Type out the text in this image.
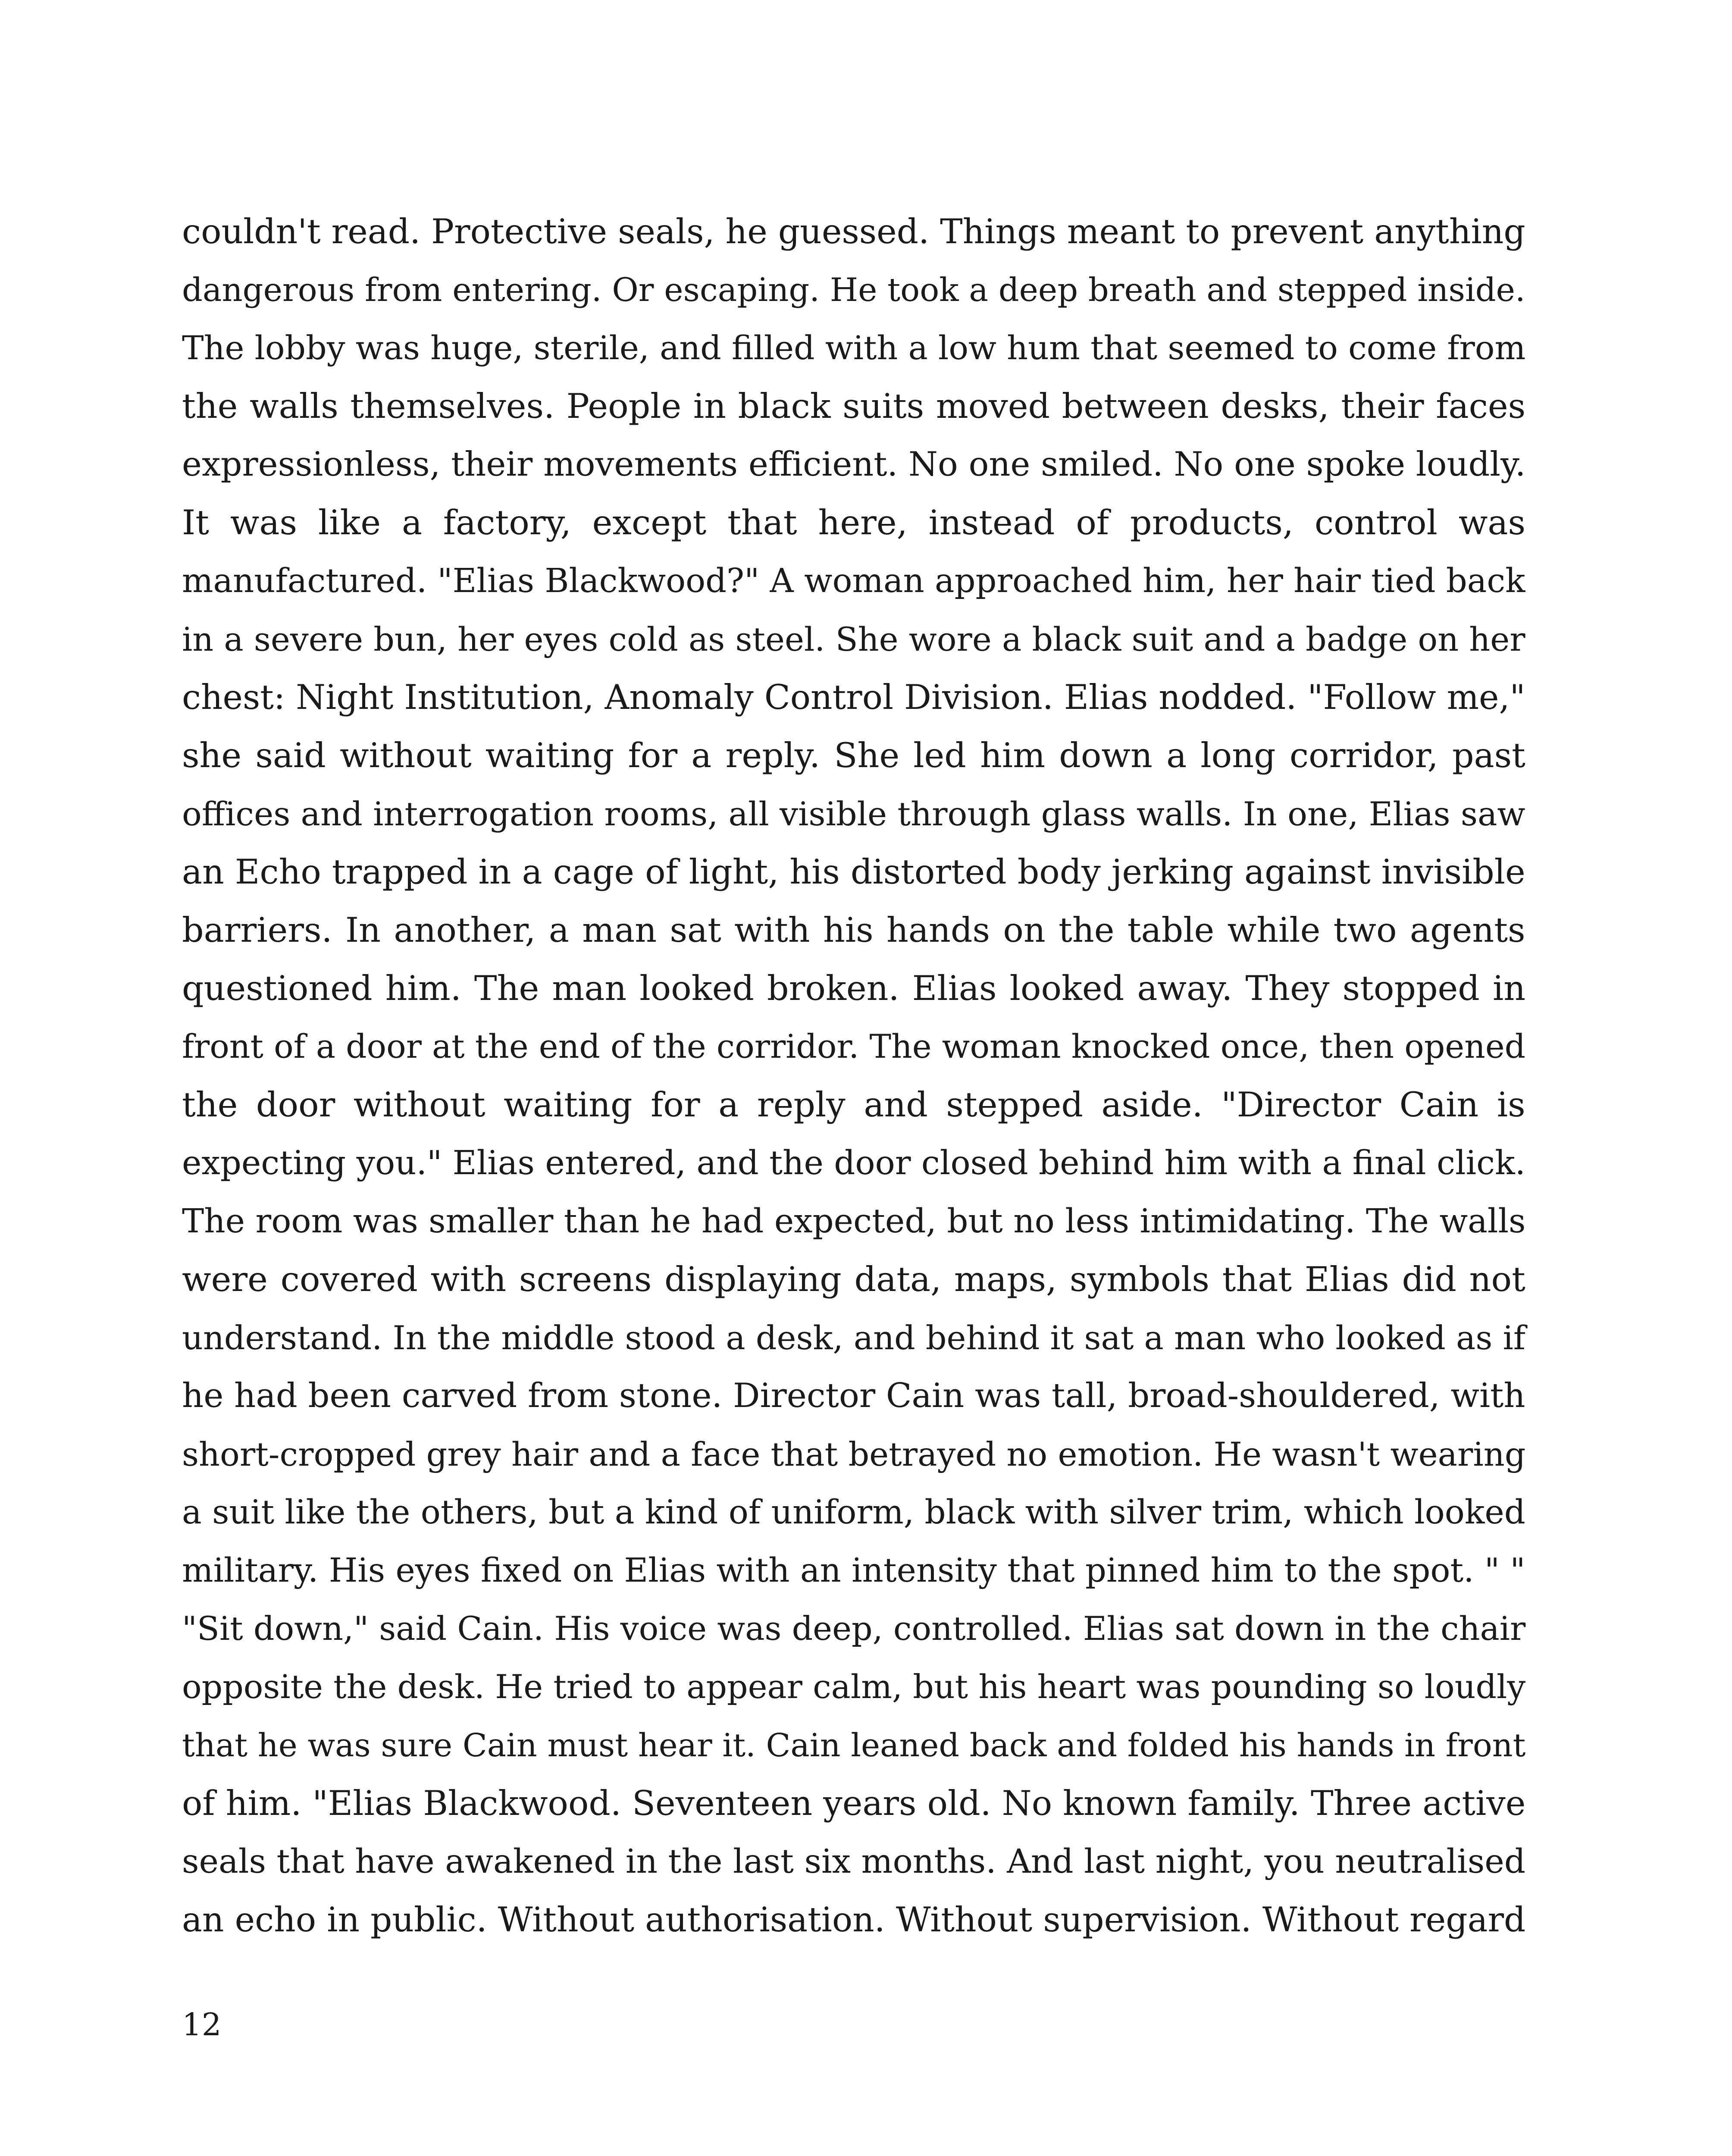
couldn't read. Protective seals, he guessed. Things meant to prevent anything
dangerous from entering. Or escaping. He took a deep breath and stepped inside.
The lobby was huge, sterile, and filled with a low hum that seemed to come from
the walls themselves. People in black suits moved between desks, their faces
expressionless, their movements efficient. No one smiled. No one spoke loudly.
It was like a factory, except that here, instead of products, control was
manufactured. "Elias Blackwood?" A woman approached him, her hair tied back
in a severe bun, her eyes cold as steel. She wore a black suit and a badge on her
chest: Night Institution, Anomaly Control Division. Elias nodded. "Follow me,"
she said without waiting for a reply. She led him down a long corridor, past
offices and interrogation rooms, all visible through glass walls. In one, Elias saw
an Echo trapped in a cage of light, his distorted body jerking against invisible
barriers. In another, a man sat with his hands on the table while two agents
questioned him. The man looked broken. Elias looked away. They stopped in
front of a door at the end of the corridor. The woman knocked once, then opened
the door without waiting for a reply and stepped aside. "Director Cain is
expecting you." Elias entered, and the door closed behind him with a final click.
The room was smaller than he had expected, but no less intimidating. The walls
were covered with screens displaying data, maps, symbols that Elias did not
understand. In the middle stood a desk, and behind it sat a man who looked as if
he had been carved from stone. Director Cain was tall, broad-shouldered, with
short-cropped grey hair and a face that betrayed no emotion. He wasn't wearing
a suit like the others, but a kind of uniform, black with silver trim, which looked
military. His eyes fixed on Elias with an intensity that pinned him to the spot. " "
"Sit down," said Cain. His voice was deep, controlled. Elias sat down in the chair
opposite the desk. He tried to appear calm, but his heart was pounding so loudly
that he was sure Cain must hear it. Cain leaned back and folded his hands in front
of him. "Elias Blackwood. Seventeen years old. No known family. Three active
seals that have awakened in the last six months. And last night, you neutralised
an echo in public. Without authorisation. Without supervision. Without regard
12
